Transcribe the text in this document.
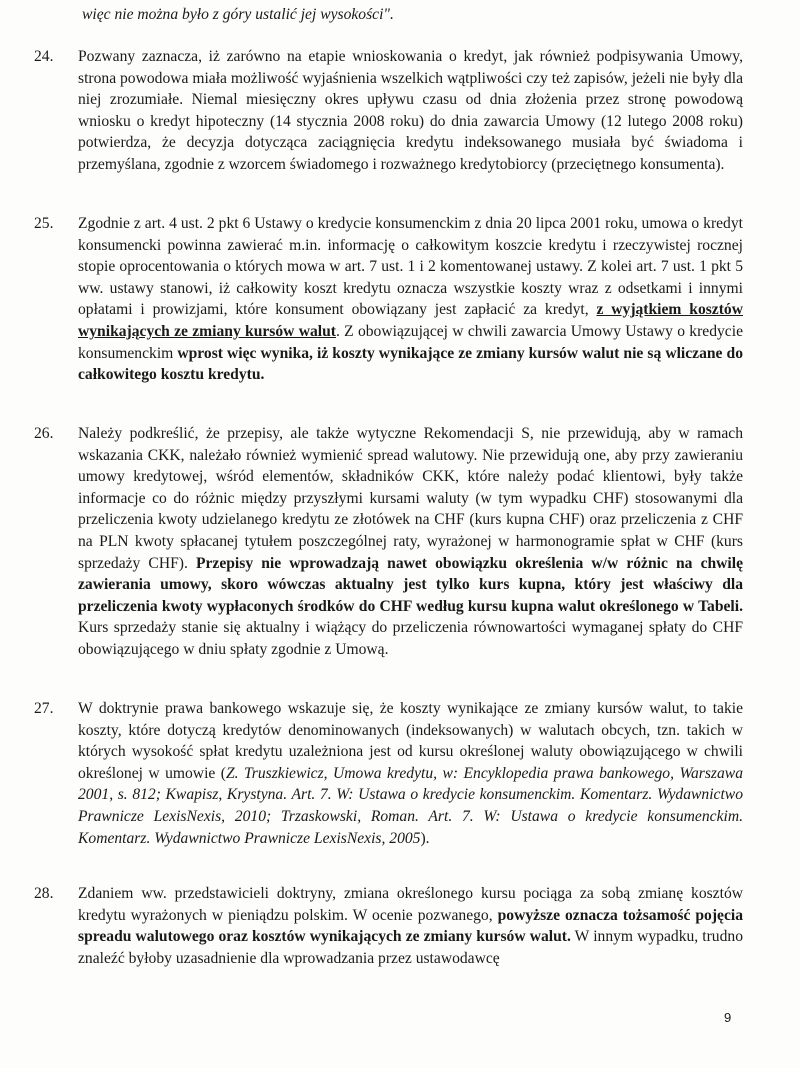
więc nie można było z góry ustalić jej wysokości".

24.	Pozwany zaznacza, iż zarówno na etapie wnioskowania o kredyt, jak również podpisywania Umowy, strona powodowa miała możliwość wyjaśnienia wszelkich wątpliwości czy też zapisów, jeżeli nie były dla niej zrozumiałe. Niemal miesięczny okres upływu czasu od dnia złożenia przez stronę powodową wniosku o kredyt hipoteczny (14 stycznia 2008 roku) do dnia zawarcia Umowy (12 lutego 2008 roku) potwierdza, że decyzja dotycząca zaciągnięcia kredytu indeksowanego musiała być świadoma i przemyślana, zgodnie z wzorcem świadomego i rozważnego kredytobiorcy (przeciętnego konsumenta).

25.	Zgodnie z art. 4 ust. 2 pkt 6 Ustawy o kredycie konsumenckim z dnia 20 lipca 2001 roku, umowa o kredyt konsumencki powinna zawierać m.in. informację o całkowitym koszcie kredytu i rzeczywistej rocznej stopie oprocentowania o których mowa w art. 7 ust. 1 i 2 komentowanej ustawy. Z kolei art. 7 ust. 1 pkt 5 ww. ustawy stanowi, iż całkowity koszt kredytu oznacza wszystkie koszty wraz z odsetkami i innymi opłatami i prowizjami, które konsument obowiązany jest zapłacić za kredyt, z wyjątkiem kosztów wynikających ze zmiany kursów walut. Z obowiązującej w chwili zawarcia Umowy Ustawy o kredycie konsumenckim wprost więc wynika, iż koszty wynikające ze zmiany kursów walut nie są wliczane do całkowitego kosztu kredytu.

26.	Należy podkreślić, że przepisy, ale także wytyczne Rekomendacji S, nie przewidują, aby w ramach wskazania CKK, należało również wymienić spread walutowy. Nie przewidują one, aby przy zawieraniu umowy kredytowej, wśród elementów, składników CKK, które należy podać klientowi, były także informacje co do różnic między przyszłymi kursami waluty (w tym wypadku CHF) stosowanymi dla przeliczenia kwoty udzielanego kredytu ze złotówek na CHF (kurs kupna CHF) oraz przeliczenia z CHF na PLN kwoty spłacanej tytułem poszczególnej raty, wyrażonej w harmonogramie spłat w CHF (kurs sprzedaży CHF). Przepisy nie wprowadzają nawet obowiązku określenia w/w różnic na chwilę zawierania umowy, skoro wówczas aktualny jest tylko kurs kupna, który jest właściwy dla przeliczenia kwoty wypłaconych środków do CHF według kursu kupna walut określonego w Tabeli. Kurs sprzedaży stanie się aktualny i wiążący do przeliczenia równowartości wymaganej spłaty do CHF obowiązującego w dniu spłaty zgodnie z Umową.

27.	W doktrynie prawa bankowego wskazuje się, że koszty wynikające ze zmiany kursów walut, to takie koszty, które dotyczą kredytów denominowanych (indeksowanych) w walutach obcych, tzn. takich w których wysokość spłat kredytu uzależniona jest od kursu określonej waluty obowiązującego w chwili określonej w umowie (Z. Truszkiewicz, Umowa kredytu, w: Encyklopedia prawa bankowego, Warszawa 2001, s. 812; Kwapisz, Krystyna. Art. 7. W: Ustawa o kredycie konsumenckim. Komentarz. Wydawnictwo Prawnicze LexisNexis, 2010; Trzaskowski, Roman. Art. 7. W: Ustawa o kredycie konsumenckim. Komentarz. Wydawnictwo Prawnicze LexisNexis, 2005).

28.	Zdaniem ww. przedstawicieli doktryny, zmiana określonego kursu pociąga za sobą zmianę kosztów kredytu wyrażonych w pieniądzu polskim. W ocenie pozwanego, powyższe oznacza tożsamość pojęcia spreadu walutowego oraz kosztów wynikających ze zmiany kursów walut. W innym wypadku, trudno znaleźć byłoby uzasadnienie dla wprowadzania przez ustawodawcę

9
